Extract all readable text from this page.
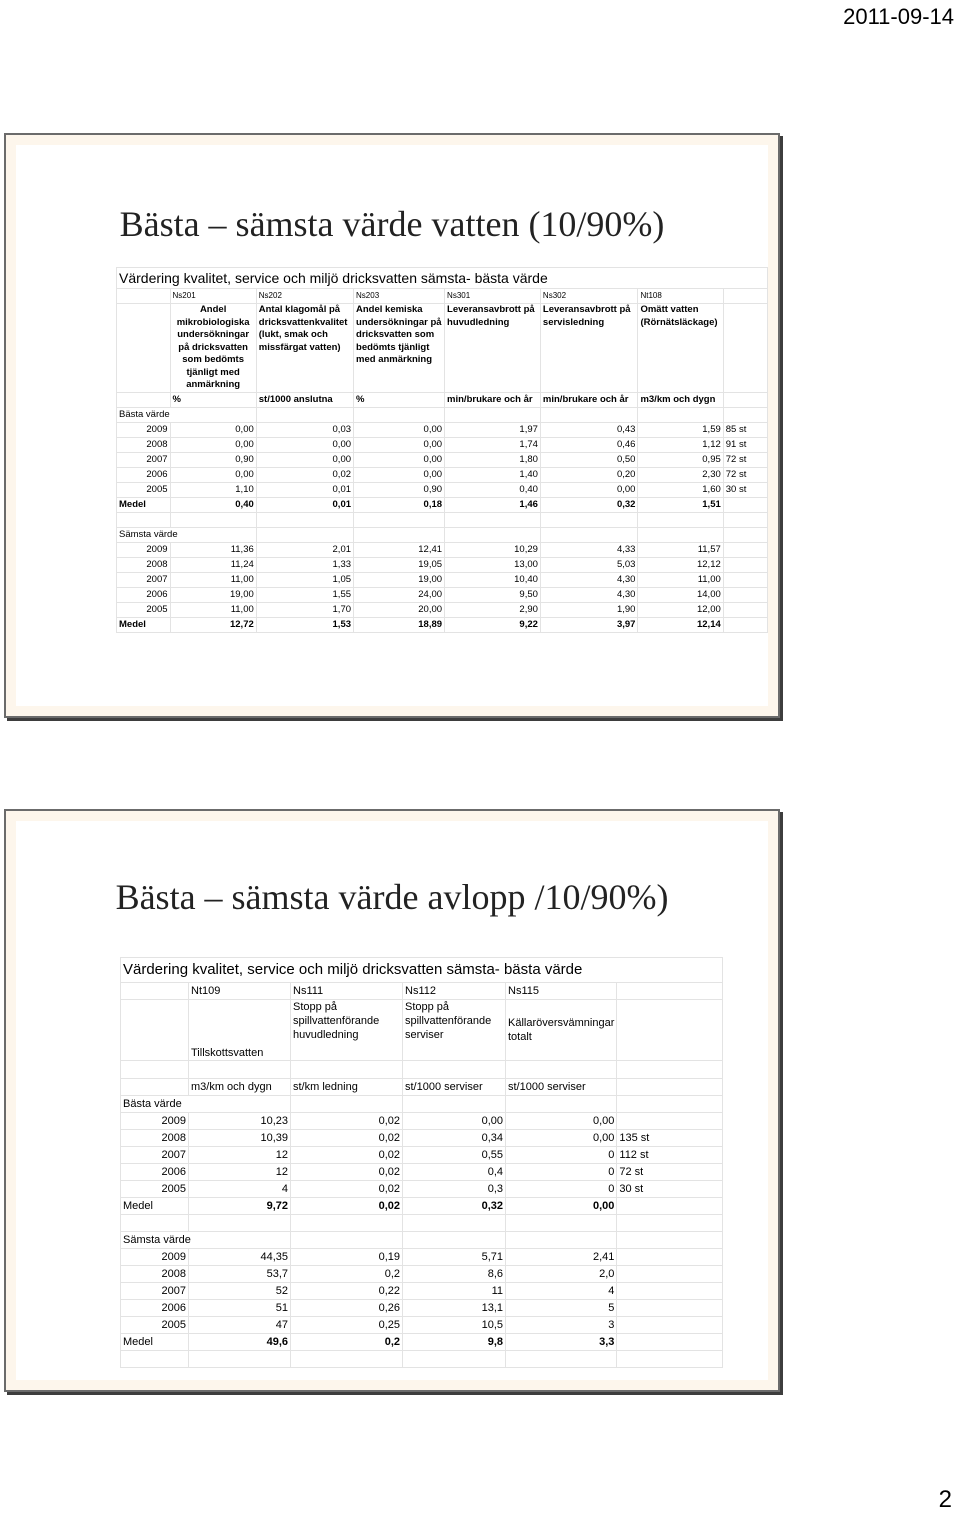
2011-09-14
Bästa – sämsta värde vatten (10/90%)
Värdering kvalitet, service och miljö dricksvatten sämsta- bästa värde							
	Ns201	Ns202	Ns203	Ns301	Ns302	Nt108	
	Andel mikrobiologiska undersökningar på dricksvatten som bedömts tjänligt med anmärkning	Antal klagomål på dricksvattenkvalitet (lukt, smak och missfärgat vatten)	Andel kemiska undersökningar på dricksvatten som bedömts tjänligt med anmärkning	Leveransavbrott på huvudledning	Leveransavbrott på servisledning	Omätt vatten (Rörnätsläckage)	
	%	st/1000 anslutna	%	min/brukare och år	min/brukare och år	m3/km och dygn	
Bästa värde							
2009	0,00	0,03	0,00	1,97	0,43	1,59	85 st
2008	0,00	0,00	0,00	1,74	0,46	1,12	91 st
2007	0,90	0,00	0,00	1,80	0,50	0,95	72 st
2006	0,00	0,02	0,00	1,40	0,20	2,30	72 st
2005	1,10	0,01	0,90	0,40	0,00	1,60	30 st
Medel	0,40	0,01	0,18	1,46	0,32	1,51	

Sämsta värde							
2009	11,36	2,01	12,41	10,29	4,33	11,57	
2008	11,24	1,33	19,05	13,00	5,03	12,12	
2007	11,00	1,05	19,00	10,40	4,30	11,00	
2006	19,00	1,55	24,00	9,50	4,30	14,00	
2005	11,00	1,70	20,00	2,90	1,90	12,00	
Medel	12,72	1,53	18,89	9,22	3,97	12,14	
Bästa – sämsta värde avlopp /10/90%)
Värdering kvalitet, service och miljö dricksvatten sämsta- bästa värde					
	Nt109	Ns111	Ns112	Ns115	
	Tillskottsvatten	Stopp på spillvattenförande huvudledning	Stopp på spillvattenförande serviser	Källaröversvämningar totalt	

	m3/km och dygn	st/km ledning	st/1000 serviser	st/1000 serviser	
Bästa värde					
2009	10,23	0,02	0,00	0,00	
2008	10,39	0,02	0,34	0,00	135 st
2007	12	0,02	0,55	0	112 st
2006	12	0,02	0,4	0	72 st
2005	4	0,02	0,3	0	30 st
Medel	9,72	0,02	0,32	0,00	

Sämsta värde					
2009	44,35	0,19	5,71	2,41	
2008	53,7	0,2	8,6	2,0	
2007	52	0,22	11	4	
2006	51	0,26	13,1	5	
2005	47	0,25	10,5	3	
Medel	49,6	0,2	9,8	3,3	

2
